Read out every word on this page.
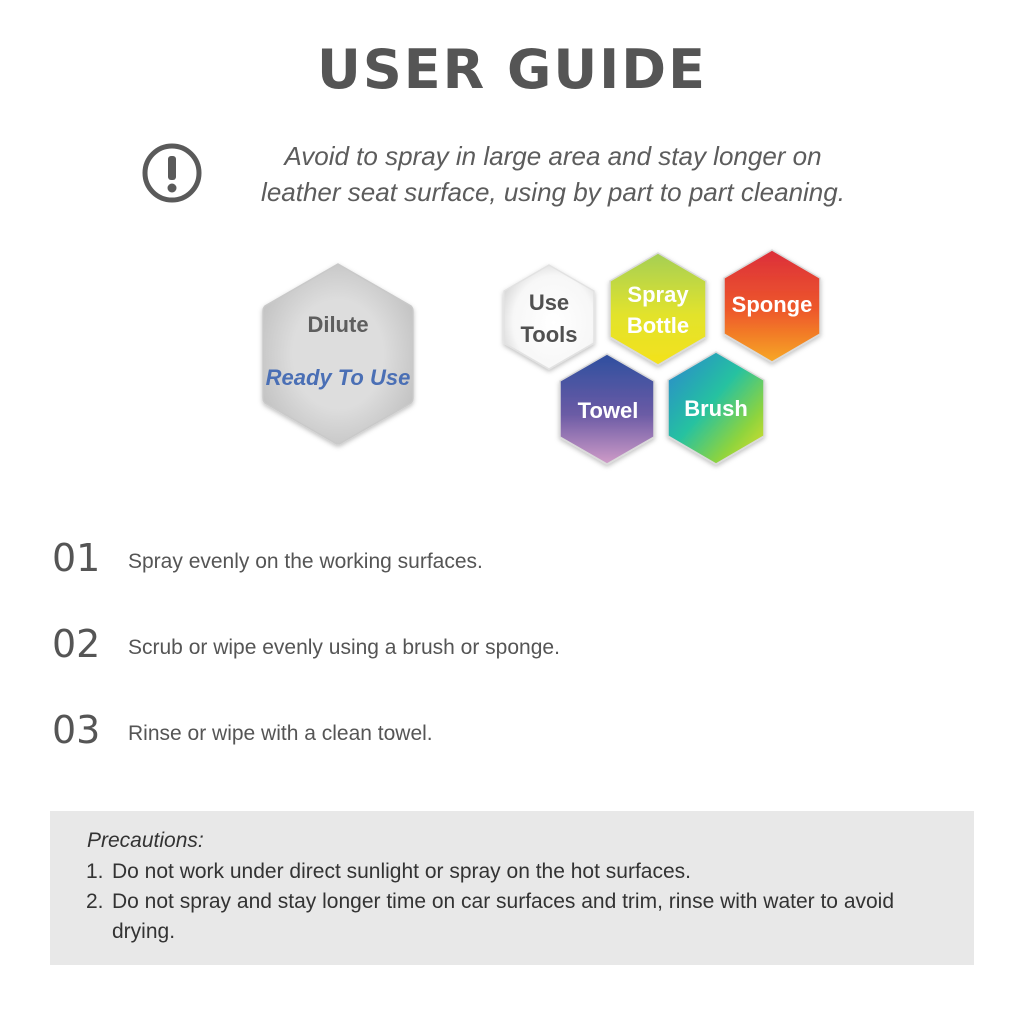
USER GUIDE
Avoid to spray in large area and stay longer on
leather seat surface, using by part to part cleaning.
Dilute
Ready To Use
Use
Tools
Spray
Bottle
Sponge
Towel Brush
01 Spray evenly on the working surfaces.
02 Scrub or wipe evenly using a brush or sponge.
03 Rinse or wipe with a clean towel.
Precautions:
1. Do not work under direct sunlight or spray on the hot surfaces.
2. Do not spray and stay longer time on car surfaces and trim, rinse with water to avoid drying.
